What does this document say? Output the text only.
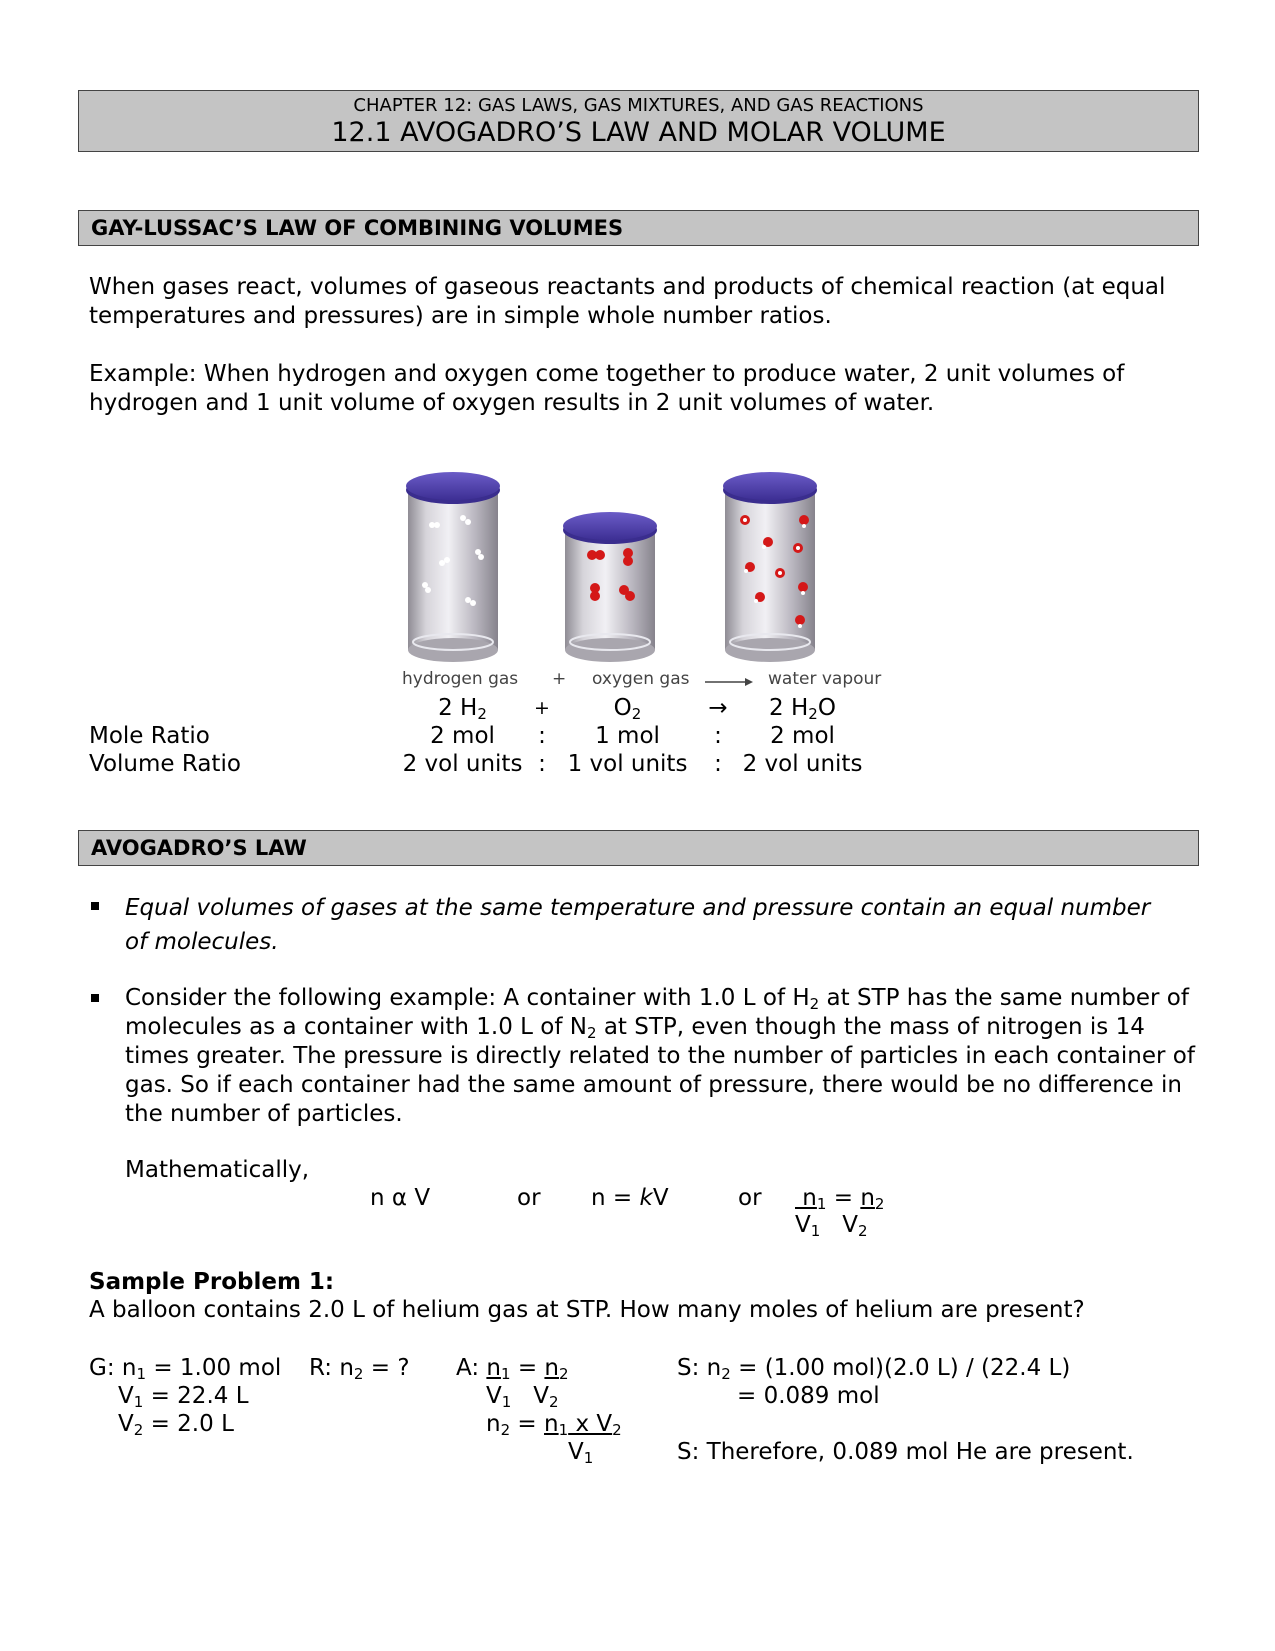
CHAPTER 12: GAS LAWS, GAS MIXTURES, AND GAS REACTIONS
12.1 AVOGADRO’S LAW AND MOLAR VOLUME
GAY-LUSSAC’S LAW OF COMBINING VOLUMES
When gases react, volumes of gaseous reactants and products of chemical reaction (at equal temperatures and pressures) are in simple whole number ratios.
Example: When hydrogen and oxygen come together to produce water, 2 unit volumes of hydrogen and 1 unit volume of oxygen results in 2 unit volumes of water.
hydrogen gas + oxygen gas → water vapour
2 $H_2$	+	$O_2$	→	2 $H_2O$
Mole Ratio	2 mol	:	1 mol	:	2 mol
Volume Ratio	2 vol units : 1 vol units	: 2 vol units
AVOGADRO’S LAW
Equal volumes of gases at the same temperature and pressure contain an equal number of molecules.
Consider the following example: A container with 1.0 L of $H_2$ at STP has the same number of molecules as a container with 1.0 L of $N_2$ at STP, even though the mass of nitrogen is 14 times greater. The pressure is directly related to the number of particles in each container of gas. So if each container had the same amount of pressure, there would be no difference in the number of particles.
Mathematically,
n α V	or n = kV	or $n_1 = n_2$
$V_1$   $V_2$
Sample Problem 1:
A balloon contains 2.0 L of helium gas at STP. How many moles of helium are present?
G: $n_1 = 1.00$ mol
$V_1 = 22.4$ L
$V_2 = 2.0$ L
R: $n_2$ = ? A: $n_1 = n_2$
$V_1$   $V_2$
$n_2 = n_1$ x $V_2$
$V_1$
S: $n_2 = (1.00$ mol)(2.0 L) / (22.4 L)
= 0.089 mol
S: Therefore, 0.089 mol He are present.
